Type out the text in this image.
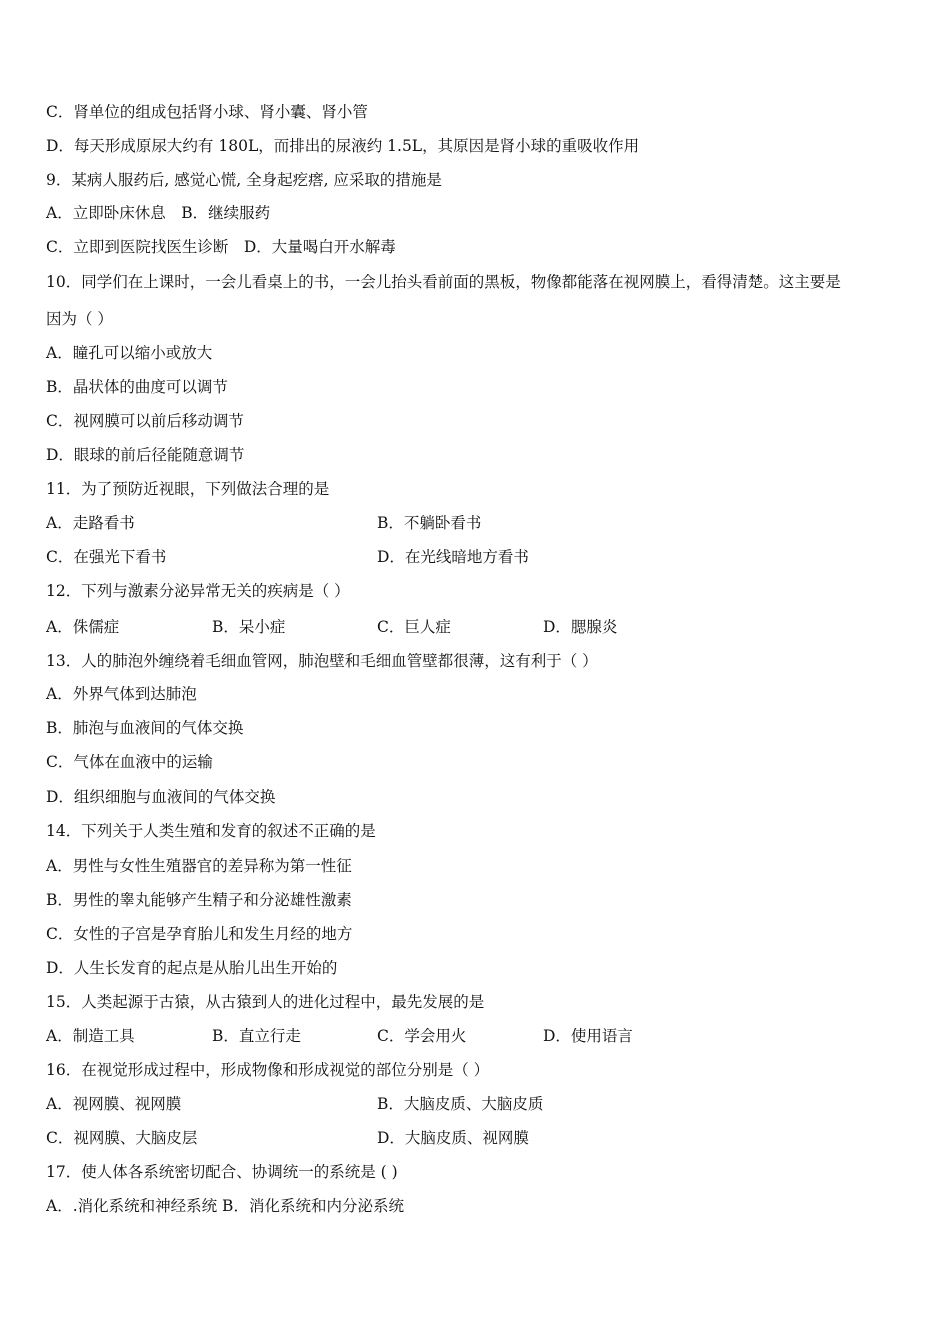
C．肾单位的组成包括肾小球、肾小囊、肾小管
D．每天形成原尿大约有 180L，而排出的尿液约 1.5L，其原因是肾小球的重吸收作用
9．某病人服药后, 感觉心慌, 全身起疙瘩, 应采取的措施是
A．立即卧床休息　B．继续服药
C．立即到医院找医生诊断　D．大量喝白开水解毒
10．同学们在上课时，一会儿看桌上的书，一会儿抬头看前面的黑板，物像都能落在视网膜上，看得清楚。这主要是
因为（ ）
A．瞳孔可以缩小或放大
B．晶状体的曲度可以调节
C．视网膜可以前后移动调节
D．眼球的前后径能随意调节
11．为了预防近视眼，下列做法合理的是
A．走路看书	B．不躺卧看书
C．在强光下看书	D．在光线暗地方看书
12．下列与激素分泌异常无关的疾病是（ ）
A．侏儒症	B．呆小症	C．巨人症	D．腮腺炎
13．人的肺泡外缠绕着毛细血管网，肺泡壁和毛细血管壁都很薄，这有利于（ ）
A．外界气体到达肺泡
B．肺泡与血液间的气体交换
C．气体在血液中的运输
D．组织细胞与血液间的气体交换
14．下列关于人类生殖和发育的叙述不正确的是
A．男性与女性生殖器官的差异称为第一性征
B．男性的睾丸能够产生精子和分泌雄性激素
C．女性的子宫是孕育胎儿和发生月经的地方
D．人生长发育的起点是从胎儿出生开始的
15．人类起源于古猿，从古猿到人的进化过程中，最先发展的是
A．制造工具	B．直立行走	C．学会用火	D．使用语言
16．在视觉形成过程中，形成物像和形成视觉的部位分别是（ ）
A．视网膜、视网膜	B．大脑皮质、大脑皮质
C．视网膜、大脑皮层	D．大脑皮质、视网膜
17．使人体各系统密切配合、协调统一的系统是 ( )
A．.消化系统和神经系统 B．消化系统和内分泌系统
